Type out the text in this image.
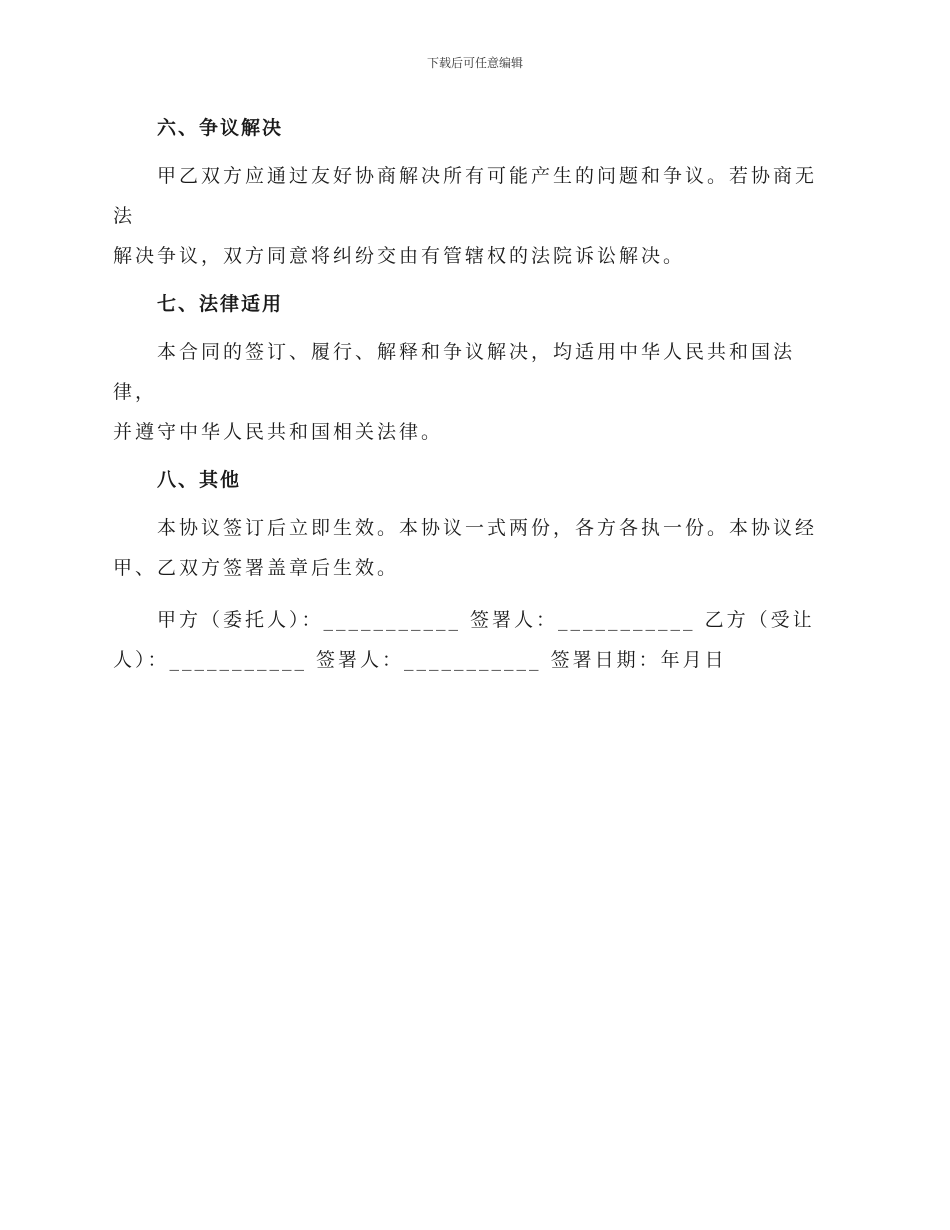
下载后可任意编辑
六、争议解决

甲乙双方应通过友好协商解决所有可能产生的问题和争议。若协商无法
解决争议，双方同意将纠纷交由有管辖权的法院诉讼解决。

七、法律适用

本合同的签订、履行、解释和争议解决，均适用中华人民共和国法律，
并遵守中华人民共和国相关法律。

八、其他

本协议签订后立即生效。本协议一式两份，各方各执一份。本协议经
甲、乙双方签署盖章后生效。

甲方（委托人）：___________ 签署人：___________ 乙方（受让
人）：___________ 签署人：___________ 签署日期：年月日
